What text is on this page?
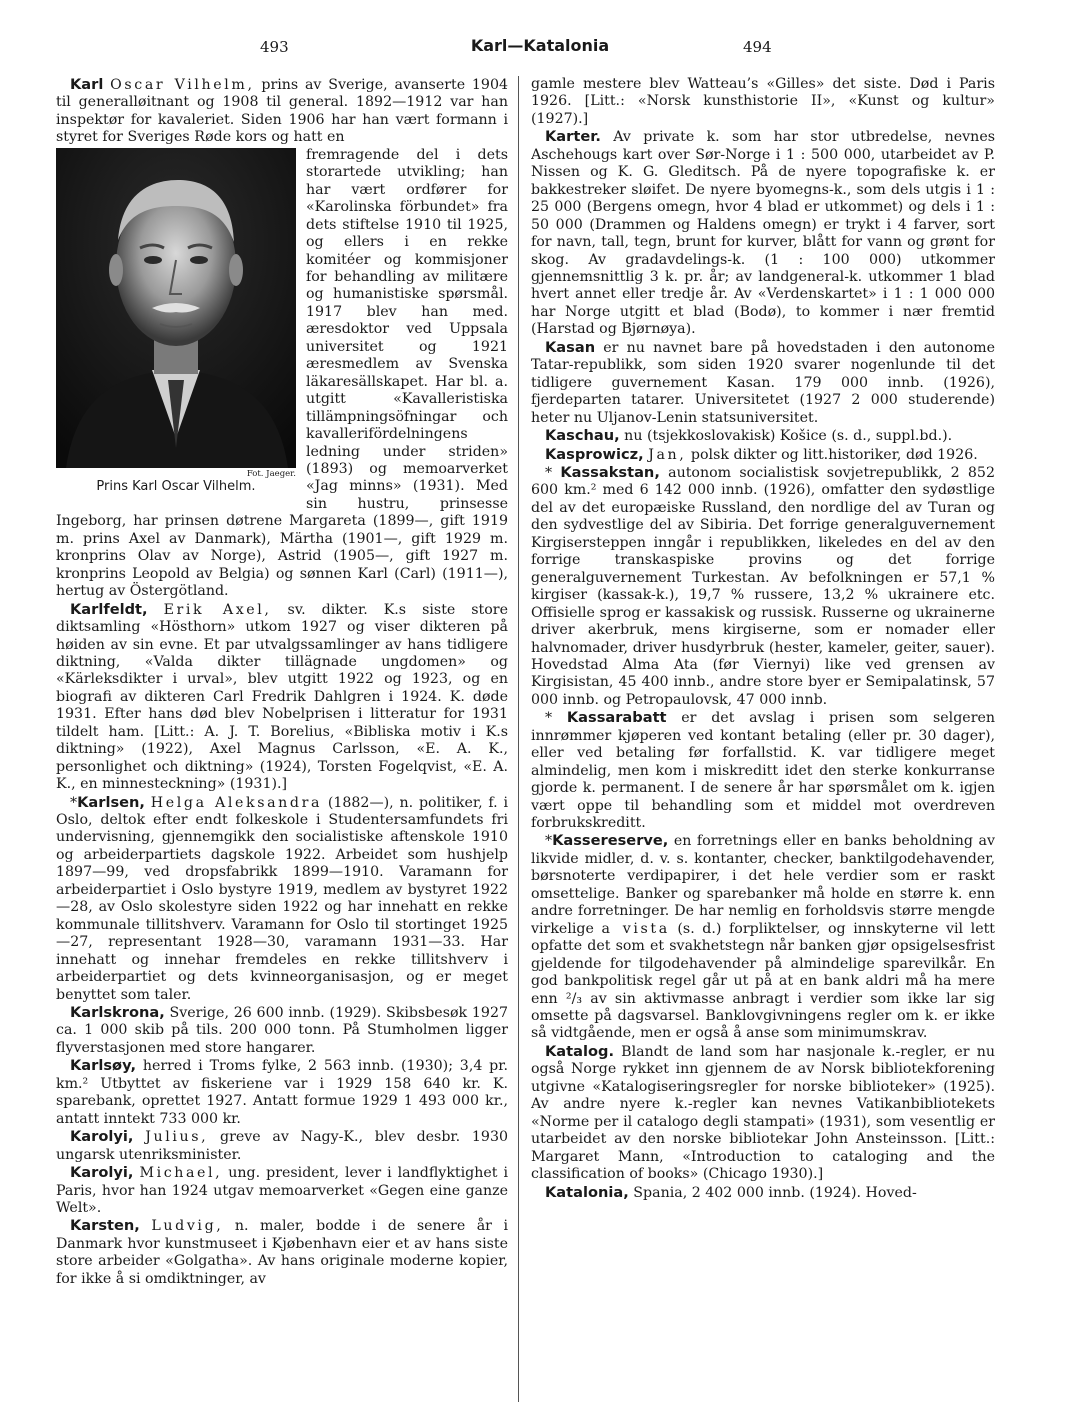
493	Karl—Katalonia	494

Karl Oscar Vilhelm, prins av Sverige, avanserte 1904 til generalløitnant og 1908 til general. 1892—1912 var han inspektør for kavaleriet. Siden 1906 har han vært formann i styret for Sveriges Røde kors og hatt en

Fot. Jaeger.
Prins Karl Oscar Vilhelm.

fremragende del i dets storartede utvikling; han har vært ordfører for «Karolinska förbundet» fra dets stiftelse 1910 til 1925, og ellers i en rekke komitéer og kommisjoner for behandling av militære og humanistiske spørsmål. 1917 blev han med. æresdoktor ved Uppsala universitet og 1921 æresmedlem av Svenska läkaresällskapet. Har bl. a. utgitt «Kavalleristiska tillämpningsöfningar och kavallerifördelningens ledning under striden» (1893) og memoarverket «Jag minns» (1931). Med sin hustru, prinsesse Ingeborg, har prinsen døtrene Margareta (1899—, gift 1919 m. prins Axel av Danmark), Märtha (1901—, gift 1929 m. kronprins Olav av Norge), Astrid (1905—, gift 1927 m. kronprins Leopold av Belgia) og sønnen Karl (Carl) (1911—), hertug av Östergötland.

Karlfeldt, Erik Axel, sv. dikter. K.s siste store diktsamling «Hösthorn» utkom 1927 og viser dikteren på høiden av sin evne. Et par utvalgssamlinger av hans tidligere diktning, «Valda dikter tillägnade ungdomen» og «Kärleksdikter i urval», blev utgitt 1922 og 1923, og en biografi av dikteren Carl Fredrik Dahlgren i 1924. K. døde 1931. Efter hans død blev Nobelprisen i litteratur for 1931 tildelt ham. [Litt.: A. J. T. Borelius, «Bibliska motiv i K.s diktning» (1922), Axel Magnus Carlsson, «E. A. K., personlighet och diktning» (1924), Torsten Fogelqvist, «E. A. K., en minnesteckning» (1931).]

*Karlsen, Helga Aleksandra (1882—), n. politiker, f. i Oslo, deltok efter endt folkeskole i Studentersamfundets fri undervisning, gjennemgikk den socialistiske aftenskole 1910 og arbeiderpartiets dagskole 1922. Arbeidet som hushjelp 1897—99, ved dropsfabrikk 1899—1910. Varamann for arbeiderpartiet i Oslo bystyre 1919, medlem av bystyret 1922—28, av Oslo skolestyre siden 1922 og har innehatt en rekke kommunale tillitshverv. Varamann for Oslo til stortinget 1925—27, representant 1928—30, varamann 1931—33. Har innehatt og innehar fremdeles en rekke tillitshverv i arbeiderpartiet og dets kvinneorganisasjon, og er meget benyttet som taler.

Karlskrona, Sverige, 26 600 innb. (1929). Skibsbesøk 1927 ca. 1 000 skib på tils. 200 000 tonn. På Stumholmen ligger flyverstasjonen med store hangarer.

Karlsøy, herred i Troms fylke, 2 563 innb. (1930); 3,4 pr. km.² Utbyttet av fiskeriene var i 1929 158 640 kr. K. sparebank, oprettet 1927. Antatt formue 1929 1 493 000 kr., antatt inntekt 733 000 kr.

Karolyi, Julius, greve av Nagy-K., blev desbr. 1930 ungarsk utenriksminister.

Karolyi, Michael, ung. president, lever i landflyktighet i Paris, hvor han 1924 utgav memoarverket «Gegen eine ganze Welt».

Karsten, Ludvig, n. maler, bodde i de senere år i Danmark hvor kunstmuseet i Kjøbenhavn eier et av hans siste store arbeider «Golgatha». Av hans originale moderne kopier, for ikke å si omdiktninger, av

gamle mestere blev Watteau’s «Gilles» det siste. Død i Paris 1926. [Litt.: «Norsk kunsthistorie II», «Kunst og kultur» (1927).]

Karter. Av private k. som har stor utbredelse, nevnes Aschehougs kart over Sør-Norge i 1 : 500 000, utarbeidet av P. Nissen og K. G. Gleditsch. På de nyere topografiske k. er bakkestreker sløifet. De nyere byomegns-k., som dels utgis i 1 : 25 000 (Bergens omegn, hvor 4 blad er utkommet) og dels i 1 : 50 000 (Drammen og Haldens omegn) er trykt i 4 farver, sort for navn, tall, tegn, brunt for kurver, blått for vann og grønt for skog. Av gradavdelings-k. (1 : 100 000) utkommer gjennemsnittlig 3 k. pr. år; av landgeneral-k. utkommer 1 blad hvert annet eller tredje år. Av «Verdenskartet» i 1 : 1 000 000 har Norge utgitt et blad (Bodø), to kommer i nær fremtid (Harstad og Bjørnøya).

Kasan er nu navnet bare på hovedstaden i den autonome Tatar-republikk, som siden 1920 svarer nogenlunde til det tidligere guvernement Kasan. 179 000 innb. (1926), fjerdeparten tatarer. Universitetet (1927 2 000 studerende) heter nu Uljanov-Lenin statsuniversitet.

Kaschau, nu (tsjekkoslovakisk) Košice (s. d., suppl.bd.).

Kasprowicz, Jan, polsk dikter og litt.historiker, død 1926.

* Kassakstan, autonom socialistisk sovjetrepublikk, 2 852 600 km.² med 6 142 000 innb. (1926), omfatter den sydøstlige del av det europæiske Russland, den nordlige del av Turan og den sydvestlige del av Sibiria. Det forrige generalguvernement Kirgisersteppen inngår i republikken, likeledes en del av den forrige transkaspiske provins og det forrige generalguvernement Turkestan. Av befolkningen er 57,1 % kirgiser (kassak-k.), 19,7 % russere, 13,2 % ukrainere etc. Offisielle sprog er kassakisk og russisk. Russerne og ukrainerne driver akerbruk, mens kirgiserne, som er nomader eller halvnomader, driver husdyrbruk (hester, kameler, geiter, sauer). Hovedstad Alma Ata (før Viernyi) like ved grensen av Kirgisistan, 45 400 innb., andre store byer er Semipalatinsk, 57 000 innb. og Petropaulovsk, 47 000 innb.

* Kassarabatt er det avslag i prisen som selgeren innrømmer kjøperen ved kontant betaling (eller pr. 30 dager), eller ved betaling før forfallstid. K. var tidligere meget almindelig, men kom i miskreditt idet den sterke konkurranse gjorde k. permanent. I de senere år har spørsmålet om k. igjen vært oppe til behandling som et middel mot overdreven forbrukskreditt.

*Kassereserve, en forretnings eller en banks beholdning av likvide midler, d. v. s. kontanter, checker, banktilgodehavender, børsnoterte verdipapirer, i det hele verdier som er raskt omsettelige. Banker og sparebanker må holde en større k. enn andre forretninger. De har nemlig en forholdsvis større mengde virkelige a vista (s. d.) forpliktelser, og innskyterne vil lett opfatte det som et svakhetstegn når banken gjør opsigelsesfrist gjeldende for tilgodehavender på almindelige sparevilkår. En god bankpolitisk regel går ut på at en bank aldri må ha mere enn ²/₃ av sin aktivmasse anbragt i verdier som ikke lar sig omsette på dagsvarsel. Banklovgivningens regler om k. er ikke så vidtgående, men er også å anse som minimumskrav.

Katalog. Blandt de land som har nasjonale k.-regler, er nu også Norge rykket inn gjennem de av Norsk bibliotekforening utgivne «Katalogiseringsregler for norske biblioteker» (1925). Av andre nyere k.-regler kan nevnes Vatikanbibliotekets «Norme per il catalogo degli stampati» (1931), som vesentlig er utarbeidet av den norske bibliotekar John Ansteinsson. [Litt.: Margaret Mann, «Introduction to cataloging and the classification of books» (Chicago 1930).]

Katalonia, Spania, 2 402 000 innb. (1924). Hoved-
